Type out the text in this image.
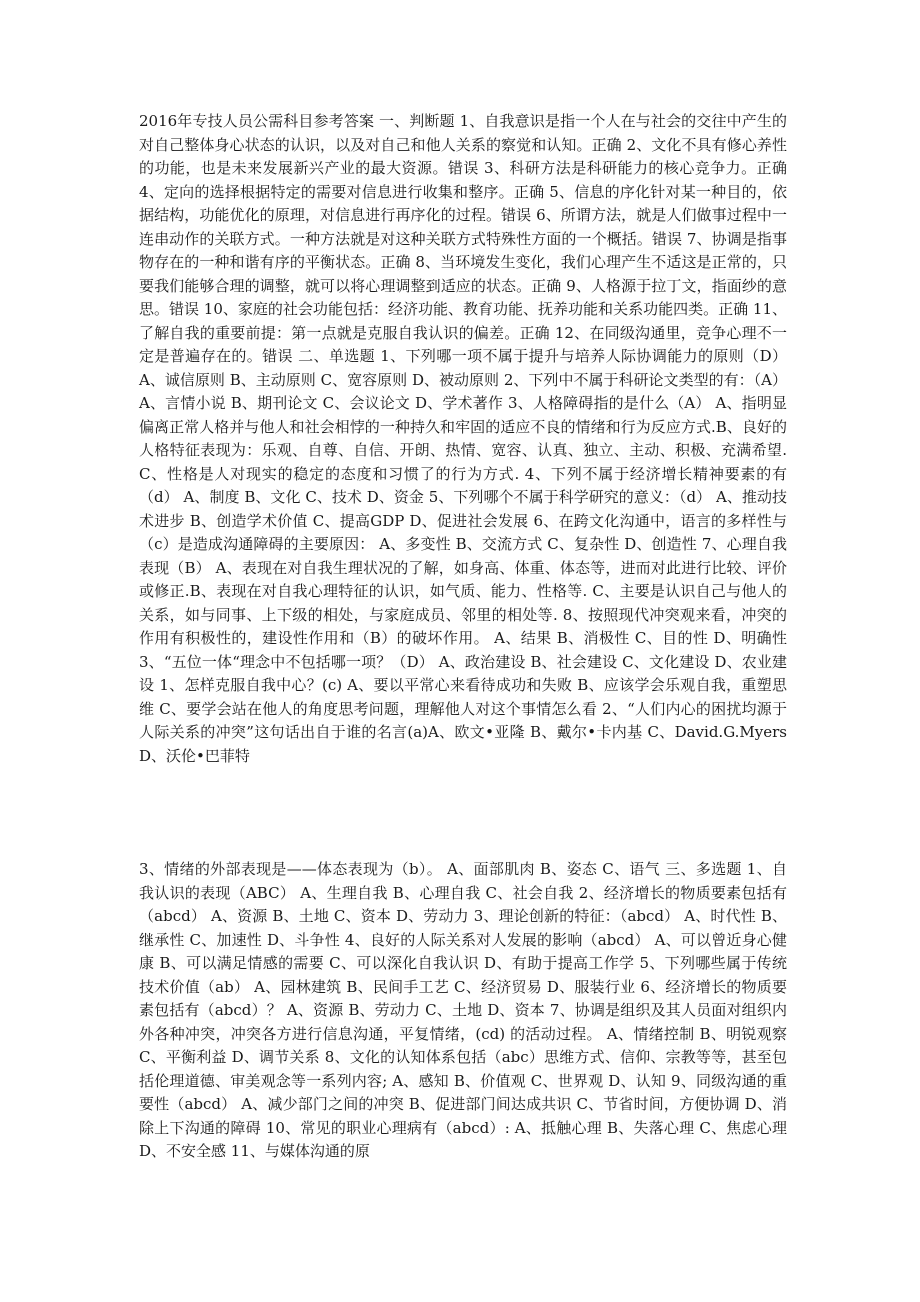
2016年专技人员公需科目参考答案 一、判断题 1、自我意识是指一个人在与社会的交往中产生的对自己整体身心状态的认识，以及对自己和他人关系的察觉和认知。正确 2、文化不具有修心养性的功能，也是未来发展新兴产业的最大资源。错误 3、科研方法是科研能力的核心竞争力。正确 4、定向的选择根据特定的需要对信息进行收集和整序。正确 5、信息的序化针对某一种目的，依据结构，功能优化的原理，对信息进行再序化的过程。错误 6、所谓方法，就是人们做事过程中一连串动作的关联方式。一种方法就是对这种关联方式特殊性方面的一个概括。错误 7、协调是指事物存在的一种和谐有序的平衡状态。正确 8、当环境发生变化，我们心理产生不适这是正常的，只要我们能够合理的调整，就可以将心理调整到适应的状态。正确 9、人格源于拉丁文，指面纱的意思。错误 10、家庭的社会功能包括：经济功能、教育功能、抚养功能和关系功能四类。正确 11、了解自我的重要前提：第一点就是克服自我认识的偏差。正确 12、在同级沟通里，竞争心理不一定是普遍存在的。错误 二、单选题 1、下列哪一项不属于提升与培养人际协调能力的原则（D） A、诚信原则 B、主动原则 C、宽容原则 D、被动原则 2、下列中不属于科研论文类型的有：（A） A、言情小说 B、期刊论文 C、会议论文 D、学术著作 3、人格障碍指的是什么（A） A、指明显偏离正常人格并与他人和社会相悖的一种持久和牢固的适应不良的情绪和行为反应方式.B、良好的人格特征表现为：乐观、自尊、自信、开朗、热情、宽容、认真、独立、主动、积极、充满希望.C、性格是人对现实的稳定的态度和习惯了的行为方式. 4、下列不属于经济增长精神要素的有（d） A、制度 B、文化 C、技术 D、资金 5、下列哪个不属于科学研究的意义：（d） A、推动技术进步 B、创造学术价值 C、提高GDP D、促进社会发展 6、在跨文化沟通中，语言的多样性与（c）是造成沟通障碍的主要原因： A、多变性 B、交流方式 C、复杂性 D、创造性 7、心理自我表现（B） A、表现在对自我生理状况的了解，如身高、体重、体态等，进而对此进行比较、评价或修正.B、表现在对自我心理特征的认识，如气质、能力、性格等. C、主要是认识自己与他人的关系，如与同事、上下级的相处，与家庭成员、邻里的相处等. 8、按照现代冲突观来看，冲突的作用有积极性的，建设性作用和（B）的破坏作用。 A、结果 B、消极性 C、目的性 D、明确性 3、“五位一体“理念中不包括哪一项？（D） A、政治建设 B、社会建设 C、文化建设 D、农业建设 1、怎样克服自我中心？(c) A、要以平常心来看待成功和失败 B、应该学会乐观自我，重塑思维 C、要学会站在他人的角度思考问题，理解他人对这个事情怎么看 2、“人们内心的困扰均源于人际关系的冲突”这句话出自于谁的名言(a)A、欧文•亚隆 B、戴尔•卡内基 C、David.G.Myers D、沃伦•巴菲特
3、情绪的外部表现是——体态表现为（b）。 A、面部肌肉 B、姿态 C、语气 三、多选题 1、自我认识的表现（ABC） A、生理自我 B、心理自我 C、社会自我 2、经济增长的物质要素包括有（abcd） A、资源 B、土地 C、资本 D、劳动力 3、理论创新的特征：（abcd） A、时代性 B、继承性 C、加速性 D、斗争性 4、良好的人际关系对人发展的影响（abcd） A、可以曾近身心健康 B、可以满足情感的需要 C、可以深化自我认识 D、有助于提高工作学 5、下列哪些属于传统技术价值（ab） A、园林建筑 B、民间手工艺 C、经济贸易 D、服装行业 6、经济增长的物质要素包括有（abcd）？ A、资源 B、劳动力 C、土地 D、资本 7、协调是组织及其人员面对组织内外各种冲突，冲突各方进行信息沟通，平复情绪，(cd) 的活动过程。 A、情绪控制 B、明锐观察 C、平衡利益 D、调节关系 8、文化的认知体系包括（abc）思维方式、信仰、宗教等等，甚至包括伦理道德、审美观念等一系列内容; A、感知 B、价值观 C、世界观 D、认知 9、同级沟通的重要性（abcd） A、减少部门之间的冲突 B、促进部门间达成共识 C、节省时间，方便协调 D、消除上下沟通的障碍 10、常见的职业心理病有（abcd）: A、抵触心理 B、失落心理 C、焦虑心理 D、不安全感 11、与媒体沟通的原
